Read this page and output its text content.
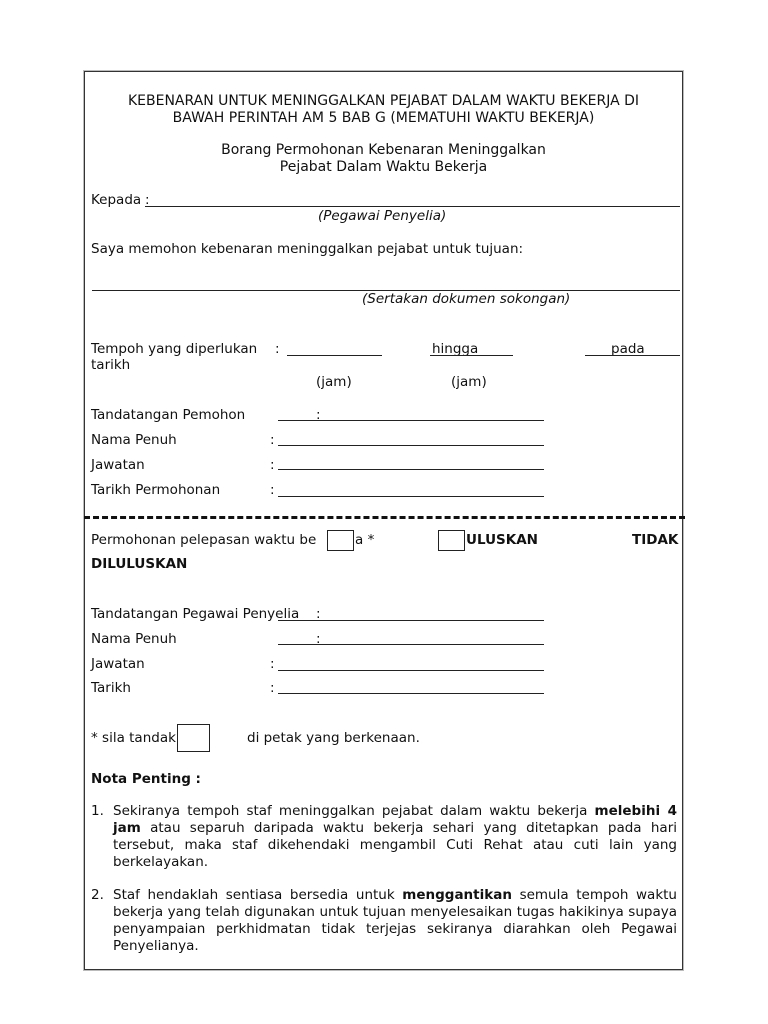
KEBENARAN UNTUK MENINGGALKAN PEJABAT DALAM WAKTU BEKERJA DI
BAWAH PERINTAH AM 5 BAB G (MEMATUHI WAKTU BEKERJA)
Borang Permohonan Kebenaran Meninggalkan
Pejabat Dalam Waktu Bekerja
Kepada :
(Pegawai Penyelia)
Saya memohon kebenaran meninggalkan pejabat untuk tujuan:
(Sertakan dokumen sokongan)
Tempoh yang diperlukan :	hingga	pada
tarikh
(jam)	(jam)
Tandatangan Pemohon	:
Nama Penuh	:
Jawatan	:
Tarikh Permohonan	:
Permohonan pelepasan waktu be	a *	ULUSKAN	TIDAK
DILULUSKAN
Tandatangan Pegawai Penyelia :
Nama Penuh	:
Jawatan	:
Tarikh	:
* sila tandak	di petak yang berkenaan.
Nota Penting :
1. Sekiranya tempoh staf meninggalkan pejabat dalam waktu bekerja melebihi 4 jam atau separuh daripada waktu bekerja sehari yang ditetapkan pada hari tersebut, maka staf dikehendaki mengambil Cuti Rehat atau cuti lain yang berkelayakan.
2. Staf hendaklah sentiasa bersedia untuk menggantikan semula tempoh waktu bekerja yang telah digunakan untuk tujuan menyelesaikan tugas hakikinya supaya penyampaian perkhidmatan tidak terjejas sekiranya diarahkan oleh Pegawai Penyelianya.
